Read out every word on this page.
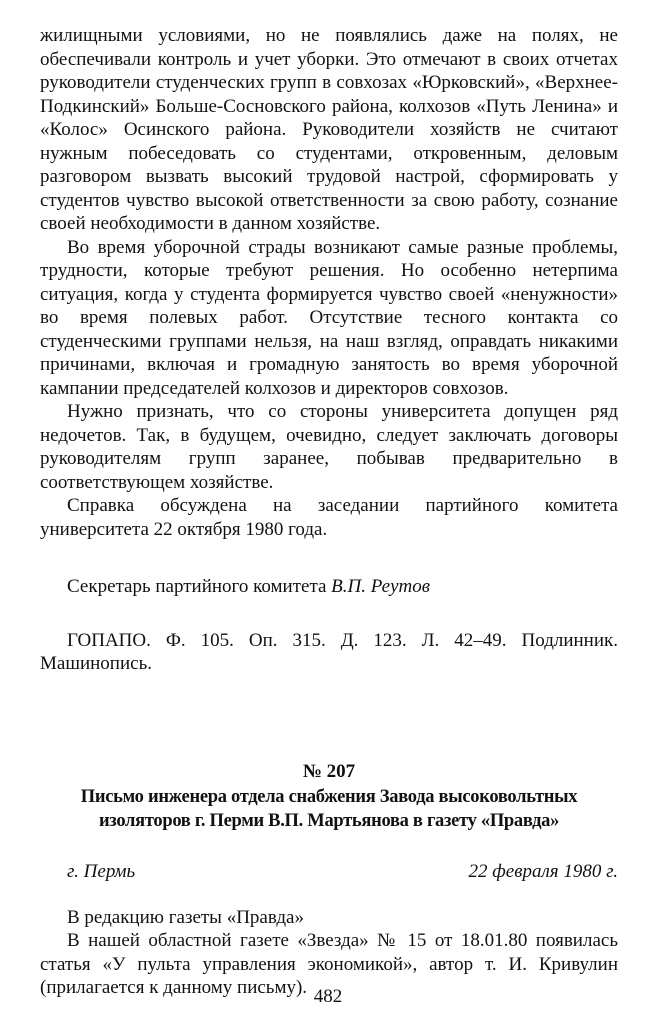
жилищными условиями, но не появлялись даже на полях, не обеспечивали контроль и учет уборки. Это отмечают в своих отчетах руководители студенческих групп в совхозах «Юрковский», «Верхнее-Подкинский» Больше-Сосновского района, колхозов «Путь Ленина» и «Колос» Осинского района. Руководители хозяйств не считают нужным побеседовать со студентами, откровенным, деловым разговором вызвать высокий трудовой настрой, сформировать у студентов чувство высокой ответственности за свою работу, сознание своей необходимости в данном хозяйстве.

Во время уборочной страды возникают самые разные проблемы, трудности, которые требуют решения. Но особенно нетерпима ситуация, когда у студента формируется чувство своей «ненужности» во время полевых работ. Отсутствие тесного контакта со студенческими группами нельзя, на наш взгляд, оправдать никакими причинами, включая и громадную занятость во время уборочной кампании председателей колхозов и директоров совхозов.

Нужно признать, что со стороны университета допущен ряд недочетов. Так, в будущем, очевидно, следует заключать договоры руководителям групп заранее, побывав предварительно в соответствующем хозяйстве.

Справка обсуждена на заседании партийного комитета университета 22 октября 1980 года.

Секретарь партийного комитета В.П. Реутов

ГОПАПО. Ф. 105. Оп. 315. Д. 123. Л. 42–49. Подлинник. Машинопись.

№ 207
Письмо инженера отдела снабжения Завода высоковольтных изоляторов г. Перми В.П. Мартьянова в газету «Правда»
г. Пермь	22 февраля 1980 г.

В редакцию газеты «Правда»

В нашей областной газете «Звезда» № 15 от 18.01.80 появилась статья «У пульта управления экономикой», автор т. И. Кривулин (прилагается к данному письму). 482
